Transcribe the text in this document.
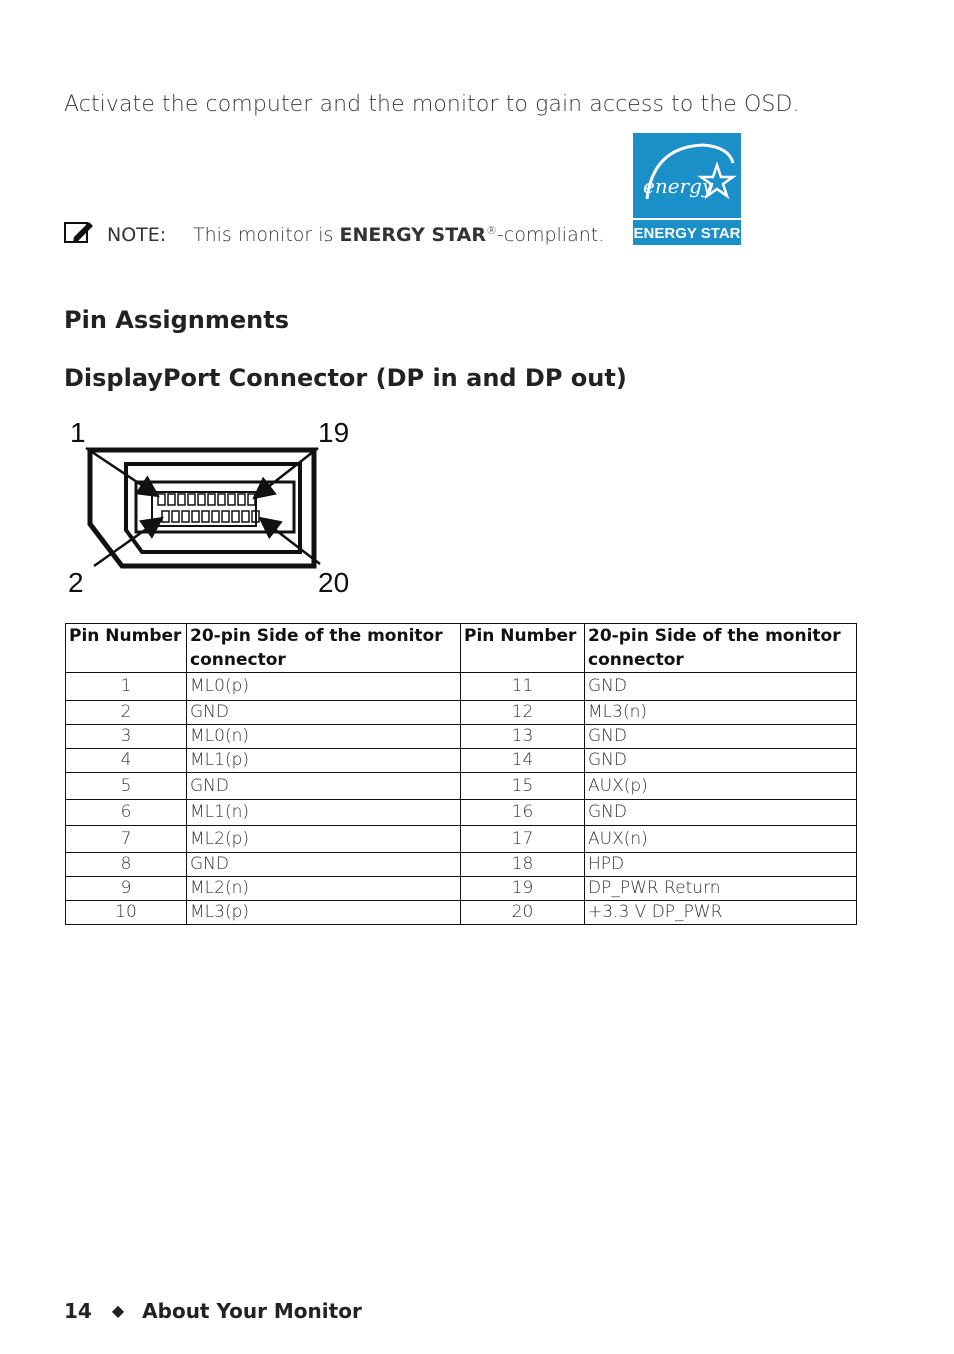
Activate the computer and the monitor to gain access to the OSD.

energy
ENERGY STAR
NOTE: This monitor is ENERGY STAR®-compliant.
Pin Assignments
DisplayPort Connector (DP in and DP out)
1	19
2	20
Pin Number	20-pin Side of the monitor connector	Pin Number	20-pin Side of the monitor connector
1	ML0(p)	11	GND
2	GND	12	ML3(n)
3	ML0(n)	13	GND
4	ML1(p)	14	GND
5	GND	15	AUX(p)
6	ML1(n)	16	GND
7	ML2(p)	17	AUX(n)
8	GND	18	HPD
9	ML2(n)	19	DP_PWR Return
10	ML3(p)	20	+3.3 V DP_PWR
14 ◆ About Your Monitor
